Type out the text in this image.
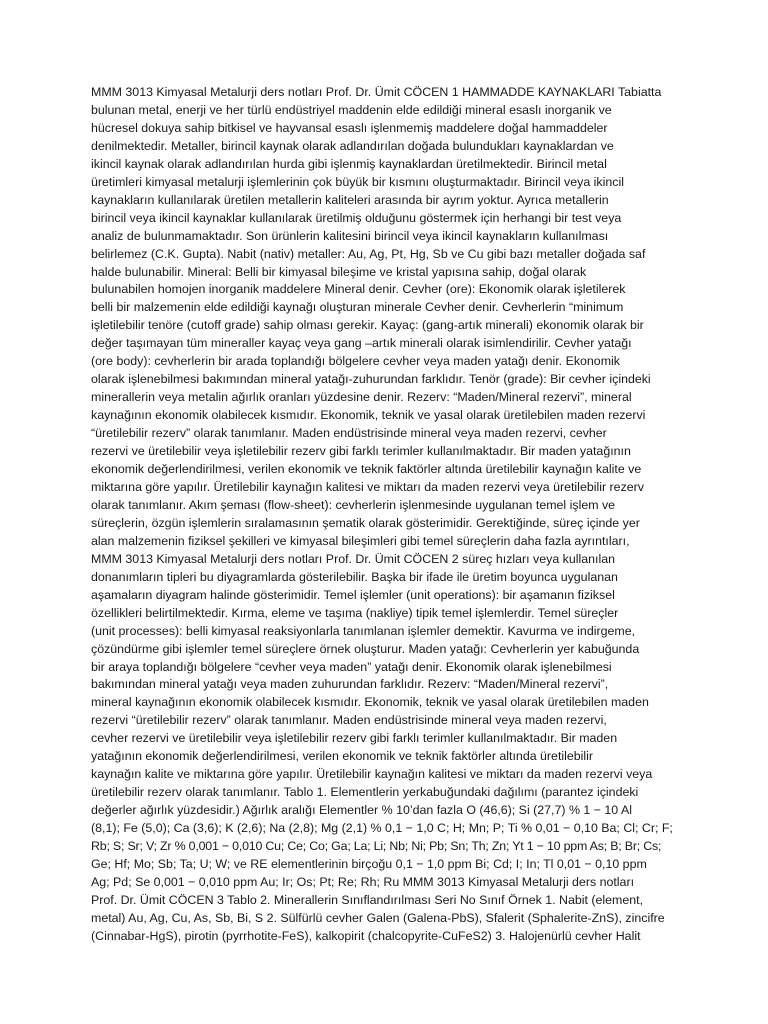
MMM 3013 Kimyasal Metalurji ders notları Prof. Dr. Ümit CÖCEN 1 HAMMADDE KAYNAKLARI Tabiatta
bulunan metal, enerji ve her türlü endüstriyel maddenin elde edildiği mineral esaslı inorganik ve
hücresel dokuya sahip bitkisel ve hayvansal esaslı işlenmemiş maddelere doğal hammaddeler
denilmektedir. Metaller, birincil kaynak olarak adlandırılan doğada bulundukları kaynaklardan ve
ikincil kaynak olarak adlandırılan hurda gibi işlenmiş kaynaklardan üretilmektedir. Birincil metal
üretimleri kimyasal metalurji işlemlerinin çok büyük bir kısmını oluşturmaktadır. Birincil veya ikincil
kaynakların kullanılarak üretilen metallerin kaliteleri arasında bir ayrım yoktur. Ayrıca metallerin
birincil veya ikincil kaynaklar kullanılarak üretilmiş olduğunu göstermek için herhangi bir test veya
analiz de bulunmamaktadır. Son ürünlerin kalitesini birincil veya ikincil kaynakların kullanılması
belirlemez (C.K. Gupta). Nabit (nativ) metaller: Au, Ag, Pt, Hg, Sb ve Cu gibi bazı metaller doğada saf
halde bulunabilir. Mineral: Belli bir kimyasal bileşime ve kristal yapısına sahip, doğal olarak
bulunabilen homojen inorganik maddelere Mineral denir. Cevher (ore): Ekonomik olarak işletilerek
belli bir malzemenin elde edildiği kaynağı oluşturan minerale Cevher denir. Cevherlerin “minimum
işletilebilir tenöre (cutoff grade) sahip olması gerekir. Kayaç: (gang-artık minerali) ekonomik olarak bir
değer taşımayan tüm mineraller kayaç veya gang –artık minerali olarak isimlendirilir. Cevher yatağı
(ore body): cevherlerin bir arada toplandığı bölgelere cevher veya maden yatağı denir. Ekonomik
olarak işlenebilmesi bakımından mineral yatağı-zuhurundan farklıdır. Tenör (grade): Bir cevher içindeki
minerallerin veya metalin ağırlık oranları yüzdesine denir. Rezerv: “Maden/Mineral rezervi”, mineral
kaynağının ekonomik olabilecek kısmıdır. Ekonomik, teknik ve yasal olarak üretilebilen maden rezervi
“üretilebilir rezerv” olarak tanımlanır. Maden endüstrisinde mineral veya maden rezervi, cevher
rezervi ve üretilebilir veya işletilebilir rezerv gibi farklı terimler kullanılmaktadır. Bir maden yatağının
ekonomik değerlendirilmesi, verilen ekonomik ve teknik faktörler altında üretilebilir kaynağın kalite ve
miktarına göre yapılır. Üretilebilir kaynağın kalitesi ve miktarı da maden rezervi veya üretilebilir rezerv
olarak tanımlanır. Akım şeması (flow-sheet): cevherlerin işlenmesinde uygulanan temel işlem ve
süreçlerin, özgün işlemlerin sıralamasının şematik olarak gösterimidir. Gerektiğinde, süreç içinde yer
alan malzemenin fiziksel şekilleri ve kimyasal bileşimleri gibi temel süreçlerin daha fazla ayrıntıları,
MMM 3013 Kimyasal Metalurji ders notları Prof. Dr. Ümit CÖCEN 2 süreç hızları veya kullanılan
donanımların tipleri bu diyagramlarda gösterilebilir. Başka bir ifade ile üretim boyunca uygulanan
aşamaların diyagram halinde gösterimidir. Temel işlemler (unit operations): bir aşamanın fiziksel
özellikleri belirtilmektedir. Kırma, eleme ve taşıma (nakliye) tipik temel işlemlerdir. Temel süreçler
(unit processes): belli kimyasal reaksiyonlarla tanımlanan işlemler demektir. Kavurma ve indirgeme,
çözündürme gibi işlemler temel süreçlere örnek oluşturur. Maden yatağı: Cevherlerin yer kabuğunda
bir araya toplandığı bölgelere “cevher veya maden” yatağı denir. Ekonomik olarak işlenebilmesi
bakımından mineral yatağı veya maden zuhurundan farklıdır. Rezerv: “Maden/Mineral rezervi”,
mineral kaynağının ekonomik olabilecek kısmıdır. Ekonomik, teknik ve yasal olarak üretilebilen maden
rezervi “üretilebilir rezerv” olarak tanımlanır. Maden endüstrisinde mineral veya maden rezervi,
cevher rezervi ve üretilebilir veya işletilebilir rezerv gibi farklı terimler kullanılmaktadır. Bir maden
yatağının ekonomik değerlendirilmesi, verilen ekonomik ve teknik faktörler altında üretilebilir
kaynağın kalite ve miktarına göre yapılır. Üretilebilir kaynağın kalitesi ve miktarı da maden rezervi veya
üretilebilir rezerv olarak tanımlanır. Tablo 1. Elementlerin yerkabuğundaki dağılımı (parantez içindeki
değerler ağırlık yüzdesidir.) Ağırlık aralığı Elementler % 10’dan fazla O (46,6); Si (27,7) % 1 − 10 Al
(8,1); Fe (5,0); Ca (3,6); K (2,6); Na (2,8); Mg (2,1) % 0,1 − 1,0 C; H; Mn; P; Ti % 0,01 − 0,10 Ba; Cl; Cr; F;
Rb; S; Sr; V; Zr % 0,001 − 0,010 Cu; Ce; Co; Ga; La; Li; Nb; Ni; Pb; Sn; Th; Zn; Yt 1 − 10 ppm As; B; Br; Cs;
Ge; Hf; Mo; Sb; Ta; U; W; ve RE elementlerinin birçoğu 0,1 − 1,0 ppm Bi; Cd; I; In; Tl 0,01 − 0,10 ppm
Ag; Pd; Se 0,001 − 0,010 ppm Au; Ir; Os; Pt; Re; Rh; Ru MMM 3013 Kimyasal Metalurji ders notları
Prof. Dr. Ümit CÖCEN 3 Tablo 2. Minerallerin Sınıflandırılması Seri No Sınıf Örnek 1. Nabit (element,
metal) Au, Ag, Cu, As, Sb, Bi, S 2. Sülfürlü cevher Galen (Galena-PbS), Sfalerit (Sphalerite-ZnS), zincifre
(Cinnabar-HgS), pirotin (pyrrhotite-FeS), kalkopirit (chalcopyrite-CuFeS2) 3. Halojenürlü cevher Halit
